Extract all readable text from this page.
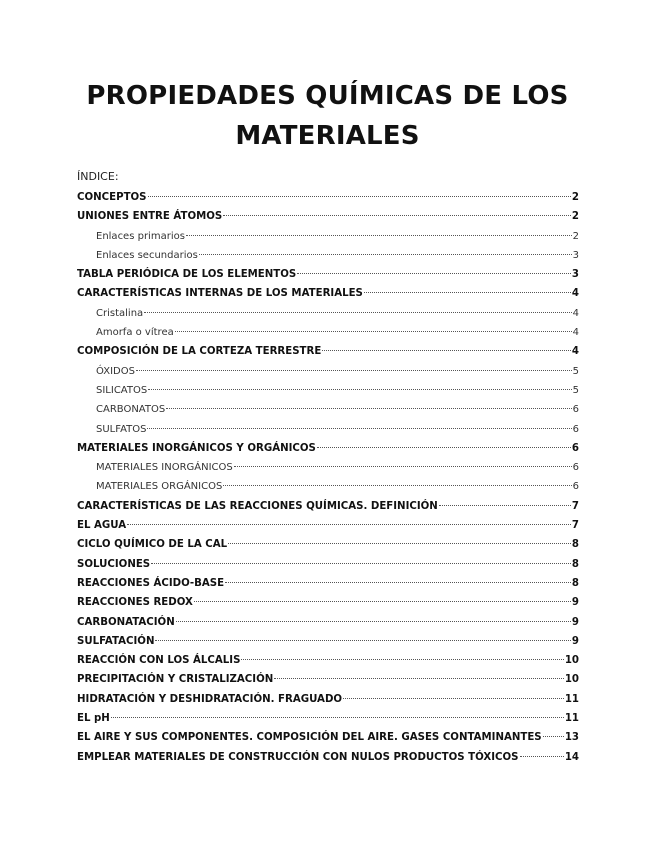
PROPIEDADES QUÍMICAS DE LOS MATERIALES
ÍNDICE:
CONCEPTOS	2
UNIONES ENTRE ÁTOMOS	2
Enlaces primarios	2
Enlaces secundarios	3
TABLA PERIÓDICA DE LOS ELEMENTOS	3
CARACTERÍSTICAS INTERNAS DE LOS MATERIALES	4
Cristalina	4
Amorfa o vítrea	4
COMPOSICIÓN DE LA CORTEZA TERRESTRE	4
ÓXIDOS	5
SILICATOS	5
CARBONATOS	6
SULFATOS	6
MATERIALES INORGÁNICOS Y ORGÁNICOS	6
MATERIALES INORGÁNICOS	6
MATERIALES ORGÁNICOS	6
CARACTERÍSTICAS DE LAS REACCIONES QUÍMICAS. DEFINICIÓN	7
EL AGUA	7
CICLO QUÍMICO DE LA CAL	8
SOLUCIONES	8
REACCIONES ÁCIDO-BASE	8
REACCIONES REDOX	9
CARBONATACIÓN	9
SULFATACIÓN	9
REACCIÓN CON LOS ÁLCALIS	10
PRECIPITACIÓN Y CRISTALIZACIÓN	10
HIDRATACIÓN Y DESHIDRATACIÓN. FRAGUADO	11
EL pH	11
EL AIRE Y SUS COMPONENTES. COMPOSICIÓN DEL AIRE. GASES CONTAMINANTES 13
EMPLEAR MATERIALES DE CONSTRUCCIÓN CON NULOS PRODUCTOS TÓXICOS	14
